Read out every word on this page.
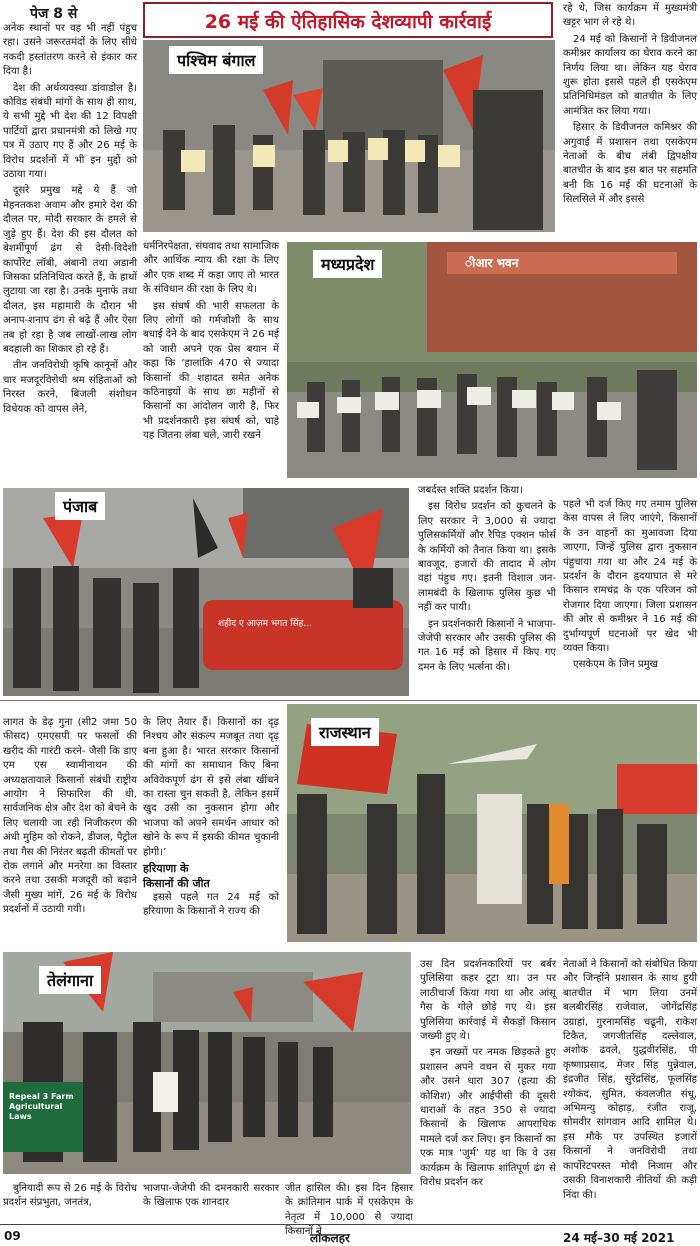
26 मई की ऐतिहासिक देशव्यापी कार्रवाई
पेज 8 से

अनेक स्थानों पर वह भी नहीं पंहुच रहा। उसने जरूरतमंदों के लिए सीधे नकदी हस्तांतरण करने से इंकार कर दिया है।

देश की अर्थव्यवस्था डांवाडोल है। कोविड संबंधी मांगों के साथ ही साथ, ये सभी मुद्दे भी देश की 12 विपक्षी पार्टियों द्वारा प्रधानमंत्री को लिखे गए पत्र में उठाए गए हैं और 26 मई के विरोध प्रदर्शनों में भी इन मुद्दों को उठाया गया।

दूसरे प्रमुख मद्दे ये हैं जो मेहनतकश अवाम और हमारे देश की दौलत पर, मोदी सरकार के हमले से जुड़े हुए हैं। देश की इस दौलत को बेशर्मीपूर्ण ढंग से देसी-विदेशी कार्पोरेट लॉबी, अंबानी तथा अडानी जिसका प्रतिनिधित्व करते हैं, के हाथों लुटाया जा रहा है। उनके मुनाफे तथा दौलत, इस महामारी के दौरान भी अनाप-शनाप ढंग से बढ़े हैं और ऐसा तब हो रहा है जब लाखों-लाख लोग बदहाली का शिकार हो रहे हैं।

तीन जनविरोधी कृषि कानूनों और चार मजदूरविरोधी श्रम संहिताओं को निरस्त करने, बिजली संशोधन विधेयक को वापस लेने,

पश्चिम बंगाल

रहे थे, जिस कार्यक्रम में मुख्यमंत्री खट्टर भाग ले रहे थे।

24 मई को किसानों ने डिवीजनल कमीश्नर कार्यालय का घेराव करने का निर्णय लिया था। लेकिन यह घेराव शुरू होता इससे पहले ही एसकेएम प्रतिनिधिमंडल को बातचीत के लिए आमंत्रित कर लिया गया।

हिसार के डिवीजनल कमिश्नर की अगुवाई में प्रशासन तथा एसकेएम नेताओं के बीच लंबी द्विपक्षीय बातचीत के बाद इस बात पर सहमति बनी कि 16 मई की घटनाओं के सिलसिले में और इससे

धर्मनिरपेक्षता, संघवाद तथा सामाजिक और आर्थिक न्याय की रक्षा के लिए और एक शब्द में कहा जाए तो भारत के संविधान की रक्षा के लिए थे।

इस संघर्ष की भारी सफलता के लिए लोगों को गर्मजोशी के साथ बधाई देने के बाद एसकेएम ने 26 मई को जारी अपने एक प्रेस बयान में कहा कि ‘हालांकि 470 से ज्यादा किसानों की शहादत समेत अनेक कठिनाइयों के साथ छः महीनों से किसानों का आंदोलन जारी है, फिर भी प्रदर्शनकारी इस संघर्ष को, चाहे यह जितना लंबा चले, जारी रखने

ीआर भवन
मध्यप्रदेश
शहीद ए आज़म भगत सिंह...
पंजाब

जबर्दस्त शक्ति प्रदर्शन किया।

इस विरोध प्रदर्शन को कुचलने के लिए सरकार ने 3,000 से ज्यादा पुलिसकर्मियों और रैपिड एक्शन फोर्स के कर्मियों को तैनात किया था। इसके बावजूद, हजारों की तादाद में लोग वहां पंहुच गए। इतनी विशाल जन-लामबंदी के खिलाफ पुलिस कुछ भी नहीं कर पायी।

इन प्रदर्शनकारी किसानों ने भाजपा-जेजेपी सरकार और उसकी पुलिस की गत 16 मई को हिसार में किए गए दमन के लिए भर्त्सना की।

पहले भी दर्ज किए गए तमाम पुलिस केस वापस ले लिए जाएंगे, किसानों के उन वाहनों का मुआवजा दिया जाएगा, जिन्हें पुलिस द्वारा नुकसान पंहुचाया गया था और 24 मई के प्रदर्शन के दौरान हृदयाघात से मरे किसान रामचंद्र के एक परिजन को रोजगार दिया जाएगा। जिला प्रशासन की ओर से कमीश्नर ने 16 मई की दुर्भाग्यपूर्ण घटनाओं पर खेद भी व्यक्त किया।

एसकेएम के जिन प्रमुख

लागत के डेढ़ गुना (सी2 जमा 50 फीसद) एमएसपी पर फसलों की खरीद की गारंटी करने- जैसी कि डाए एम एस स्वामीनाथन की अध्यक्षतावाले किसानों संबंधी राष्ट्रीय आयोग ने सिफारिश की थी, सार्वजनिक क्षेत्र और देश को बेचने के लिए चलायी जा रही निजीकरण की अंधी मुहिम को रोकने, डीजल, पैट्रोल तथा गैस की निरंतर बढ़ती कीमतों पर रोक लगाने और मनरेगा का विस्तार करने तथा उसकी मजदूरी को बढ़ाने जैसी मुख्य मांगें, 26 मई के विरोध प्रदर्शनों में उठायी गयी।

के लिए तैयार हैं। किसानों का दृढ़ निश्चय और संकल्प मजबूत तथा दृढ़ बना हुआ है। भारत सरकार किसानों की मांगों का समाधान किए बिना अविवेकपूर्ण ढंग से इसे लंबा खींचने का रास्ता चुन सकती है, लेकिन इसमें खुद उसी का नुकसान होगा और भाजपा को अपने समर्थन आधार को खोने के रूप में इसकी कीमत चुकानी होगी।’

हरियाणा के
किसानों की जीत

इससे पहले गत 24 मई को हरियाणा के किसानों ने राज्य की

राजस्थान
Repeal 3 Farm Agricultural Laws
तेलंगाना

उस दिन प्रदर्शनकारियों पर बर्बर पुलिसिया कहर टूटा था। उन पर लाठीचार्ज किया गया था और आंसू गैस के गोले छोड़े गए थे। इस पुलिसिया कार्रवाई में सैकड़ों किसान जख्मी हुए थे।

इन जख्मों पर नमक छिड़कते हुए प्रशासन अपने वचन से मुकर गया और उसने धारा 307 (हत्या की कोशिश) और आईपीसी की दूसरी धाराओं के तहत 350 से ज्यादा किसानों के खिलाफ आपराधिक मामले दर्ज कर लिए। इन किसानों का एक मात्र ‘जुर्म’ यह था कि वे उस कार्यक्रम के खिलाफ शांतिपूर्ण ढंग से विरोध प्रदर्शन कर

नेताओं ने किसानों को संबोधित किया और जिन्होंने प्रशासन के साथ हुयी बातचीत में भाग लिया उनमें बलबीरसिंह राजेवाल, जोगेंद्रसिंह उग्राहां, गुरनामसिंह चढूनी, राकेश टिकैत, जगजीतसिंह दल्लेवाल, अशोक ढवले, युद्धवीरसिंह, पी कृष्णाप्रसाद, मेजर सिंह पुन्नेवाल, इंद्रजीत सिंह, सुरेंद्रसिंह, फूलसिंह श्योकंद, सुमित, कंवलजीत संधू, अभिमन्यु कोहाड़, रंजीत राजू, सोमवीर सांगवान आदि शामिल थे। इस मौके पर उपस्थित हजारों किसानों ने जनविरोधी तथा कार्पोरेटपरस्त मोदी निजाम और उसकी विनाशकारी नीतियों की कड़ी निंदा की।

बुनियादी रूप से 26 मई के विरोध प्रदर्शन संप्रभुता, जनतंत्र,

भाजपा-जेजेपी की दमनकारी सरकार के खिलाफ एक शानदार

जीत हासिल की। इस दिन हिसार के क्रांतिमान पार्क में एसकेएम के नेतृत्व में 10,000 से ज्यादा किसानों ने

09	लोकलहर	24 मई–30 मई 2021
